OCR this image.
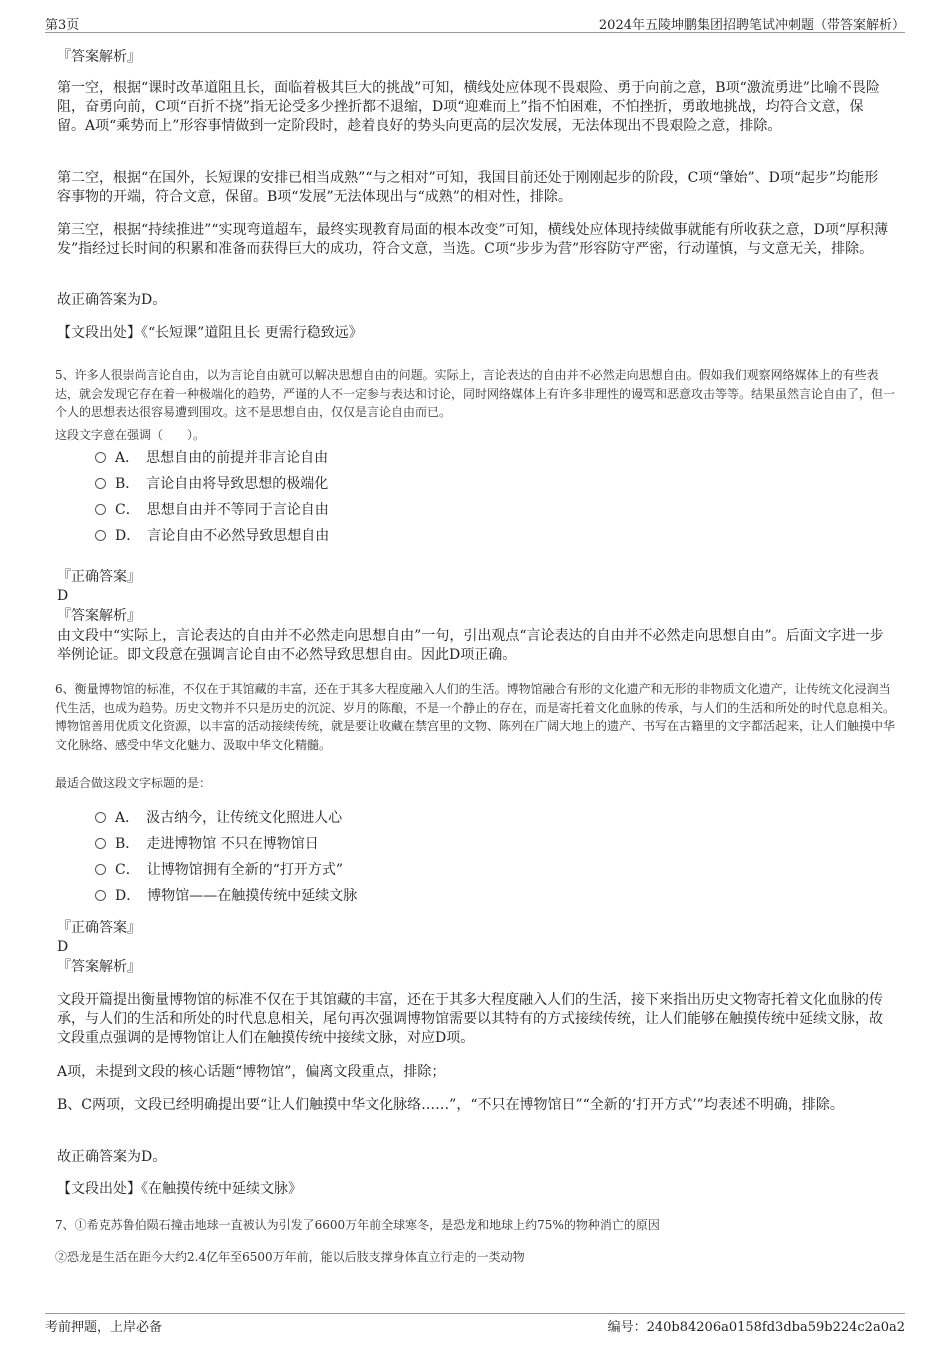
第3页	2024年五陵坤鹏集团招聘笔试冲刺题（带答案解析）
『答案解析』

第一空，根据“课时改革道阻且长，面临着极其巨大的挑战”可知，横线处应体现不畏艰险、勇于向前之意，B项“激流勇进”比喻不畏险阻，奋勇向前，C项“百折不挠”指无论受多少挫折都不退缩，D项“迎难而上”指不怕困难，不怕挫折，勇敢地挑战，均符合文意，保留。A项“乘势而上”形容事情做到一定阶段时，趁着良好的势头向更高的层次发展，无法体现出不畏艰险之意，排除。

第二空，根据“在国外，长短课的安排已相当成熟”“与之相对”可知，我国目前还处于刚刚起步的阶段，C项“肇始”、D项“起步”均能形容事物的开端，符合文意，保留。B项“发展”无法体现出与“成熟”的相对性，排除。

第三空，根据“持续推进”“实现弯道超车，最终实现教育局面的根本改变”可知，横线处应体现持续做事就能有所收获之意，D项“厚积薄发”指经过长时间的积累和准备而获得巨大的成功，符合文意，当选。C项“步步为营”形容防守严密，行动谨慎，与文意无关，排除。

故正确答案为D。

【文段出处】《“长短课”道阻且长 更需行稳致远》

5、许多人很崇尚言论自由，以为言论自由就可以解决思想自由的问题。实际上，言论表达的自由并不必然走向思想自由。假如我们观察网络媒体上的有些表达，就会发现它存在着一种极端化的趋势，严谨的人不一定参与表达和讨论，同时网络媒体上有许多非理性的谩骂和恶意攻击等等。结果虽然言论自由了，但一个人的思想表达很容易遭到围攻。这不是思想自由，仅仅是言论自由而已。

这段文字意在强调（　　）。

A．　思想自由的前提并非言论自由
B．　言论自由将导致思想的极端化
C．　思想自由并不等同于言论自由
D．　言论自由不必然导致思想自由
『正确答案』
D
『答案解析』

由文段中“实际上，言论表达的自由并不必然走向思想自由”一句，引出观点“言论表达的自由并不必然走向思想自由”。后面文字进一步举例论证。即文段意在强调言论自由不必然导致思想自由。因此D项正确。

6、衡量博物馆的标准，不仅在于其馆藏的丰富，还在于其多大程度融入人们的生活。博物馆融合有形的文化遗产和无形的非物质文化遗产，让传统文化浸润当代生活，也成为趋势。历史文物并不只是历史的沉淀、岁月的陈酿，不是一个静止的存在，而是寄托着文化血脉的传承，与人们的生活和所处的时代息息相关。博物馆善用优质文化资源，以丰富的活动接续传统，就是要让收藏在禁宫里的文物、陈列在广阔大地上的遗产、书写在古籍里的文字都活起来，让人们触摸中华文化脉络、感受中华文化魅力、汲取中华文化精髓。

最适合做这段文字标题的是：

A．　汲古纳今，让传统文化照进人心
B．　走进博物馆 不只在博物馆日
C．　让博物馆拥有全新的“打开方式”
D．　博物馆——在触摸传统中延续文脉
『正确答案』
D
『答案解析』

文段开篇提出衡量博物馆的标准不仅在于其馆藏的丰富，还在于其多大程度融入人们的生活，接下来指出历史文物寄托着文化血脉的传承，与人们的生活和所处的时代息息相关，尾句再次强调博物馆需要以其特有的方式接续传统，让人们能够在触摸传统中延续文脉，故文段重点强调的是博物馆让人们在触摸传统中接续文脉，对应D项。

A项，未提到文段的核心话题“博物馆”，偏离文段重点，排除；

B、C两项，文段已经明确提出要“让人们触摸中华文化脉络……”，“不只在博物馆日”“全新的‘打开方式’”均表述不明确，排除。

故正确答案为D。

【文段出处】《在触摸传统中延续文脉》

7、①希克苏鲁伯陨石撞击地球一直被认为引发了6600万年前全球寒冬，是恐龙和地球上约75%的物种消亡的原因

②恐龙是生活在距今大约2.4亿年至6500万年前，能以后肢支撑身体直立行走的一类动物

考前押题，上岸必备	编号：240b84206a0158fd3dba59b224c2a0a2
